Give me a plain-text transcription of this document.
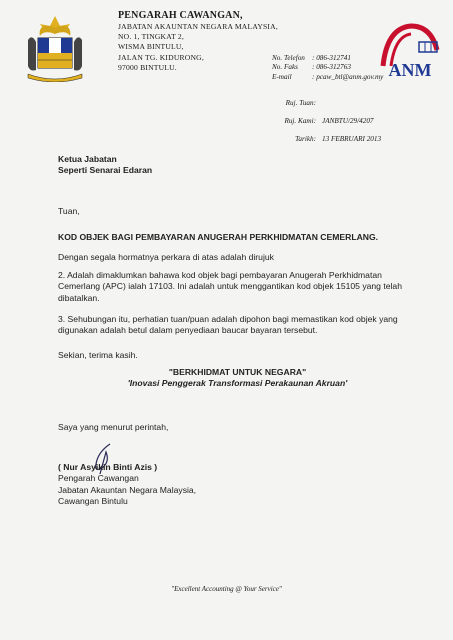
PENGARAH CAWANGAN,
JABATAN AKAUNTAN NEGARA MALAYSIA,
NO. 1, TINGKAT 2,
WISMA BINTULU,
JALAN TG. KIDURONG,
97000 BINTULU.
No. Telefon : 086-312741
No. Faks	: 086-312763
E-mail	: pcaw_btl@anm.gov.my ANM
Ruj. Tuan:
Ruj. Kami: JANBTU/29/4207
Tarikh: 13 FEBRUARI 2013
Ketua Jabatan
Seperti Senarai Edaran
Tuan,
KOD OBJEK BAGI PEMBAYARAN ANUGERAH PERKHIDMATAN CEMERLANG.
Dengan segala hormatnya perkara di atas adalah dirujuk
2. Adalah dimaklumkan bahawa kod objek bagi pembayaran Anugerah Perkhidmatan Cemerlang (APC) ialah 17103. Ini adalah untuk menggantikan kod objek 15105 yang telah dibatalkan.
3. Sehubungan itu, perhatian tuan/puan adalah dipohon bagi memastikan kod objek yang digunakan adalah betul dalam penyediaan baucar bayaran tersebut.
Sekian, terima kasih.
"BERKHIDMAT UNTUK NEGARA"
'Inovasi Penggerak Transformasi Perakaunan Akruan'
Saya yang menurut perintah,
( Nur Asyikin Binti Azis )
Pengarah Cawangan
Jabatan Akauntan Negara Malaysia,
Cawangan Bintulu
"Excellent Accounting @ Your Service"
